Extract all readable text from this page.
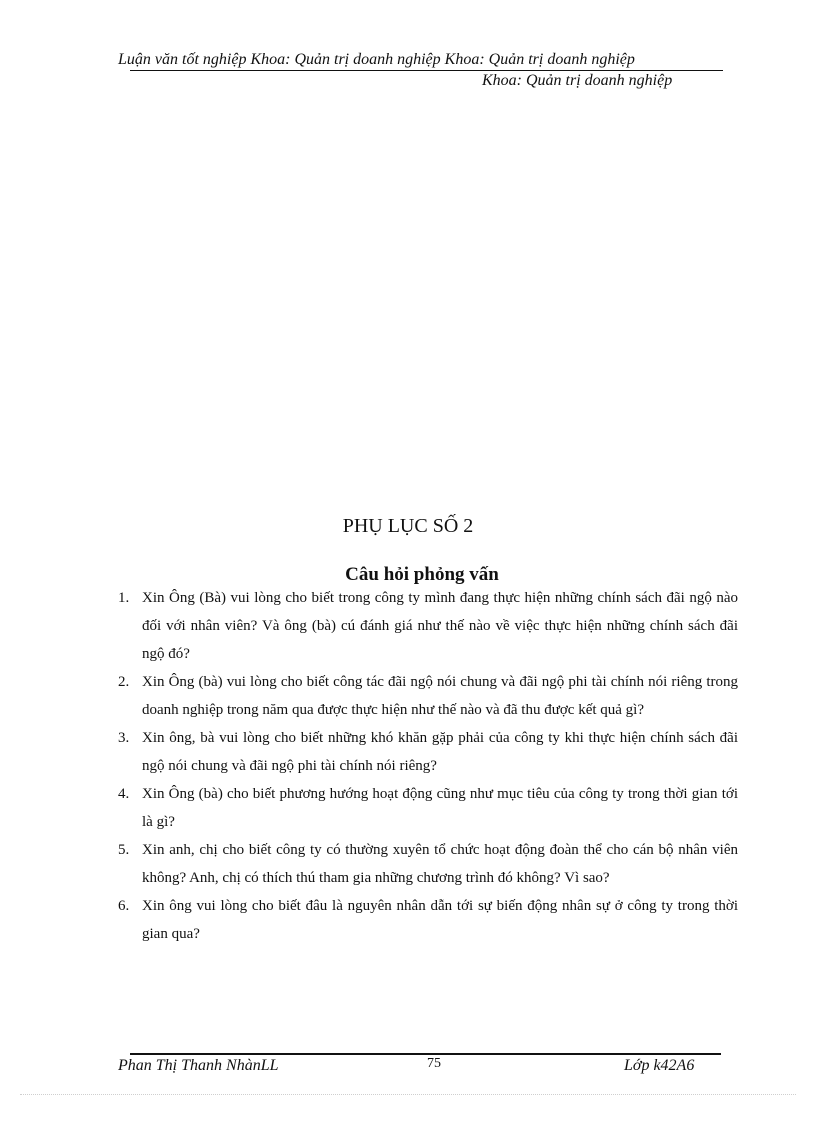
Luận văn tốt nghiệp Khoa: Quản trị doanh nghiệp Khoa: Quản trị doanh nghiệp
Khoa: Quản trị doanh nghiệp
PHỤ LỤC SỐ 2
Câu hỏi phỏng vấn
1. Xin Ông (Bà) vui lòng cho biết trong công ty mình đang thực hiện những chính sách đãi ngộ nào đối với nhân viên? Và ông (bà) cú đánh giá như thế nào về việc thực hiện những chính sách đãi ngộ đó?
2. Xin Ông (bà) vui lòng cho biết công tác đãi ngộ nói chung và đãi ngộ phi tài chính nói riêng trong doanh nghiệp trong năm qua được thực hiện như thế nào và đã thu được kết quả gì?
3. Xin ông, bà vui lòng cho biết những khó khăn gặp phải của công ty khi thực hiện chính sách đãi ngộ nói chung và đãi ngộ phi tài chính nói riêng?
4. Xin Ông (bà) cho biết phương hướng hoạt động cũng như mục tiêu của công ty trong thời gian tới là gì?
5. Xin anh, chị cho biết công ty có thường xuyên tổ chức hoạt động đoàn thể cho cán bộ nhân viên không? Anh, chị có thích thú tham gia những chương trình đó không? Vì sao?
6. Xin ông vui lòng cho biết đâu là nguyên nhân dẫn tới sự biến động nhân sự ở công ty trong thời gian qua?
Phan Thị Thanh NhànLL	75	Lớp k42A6
